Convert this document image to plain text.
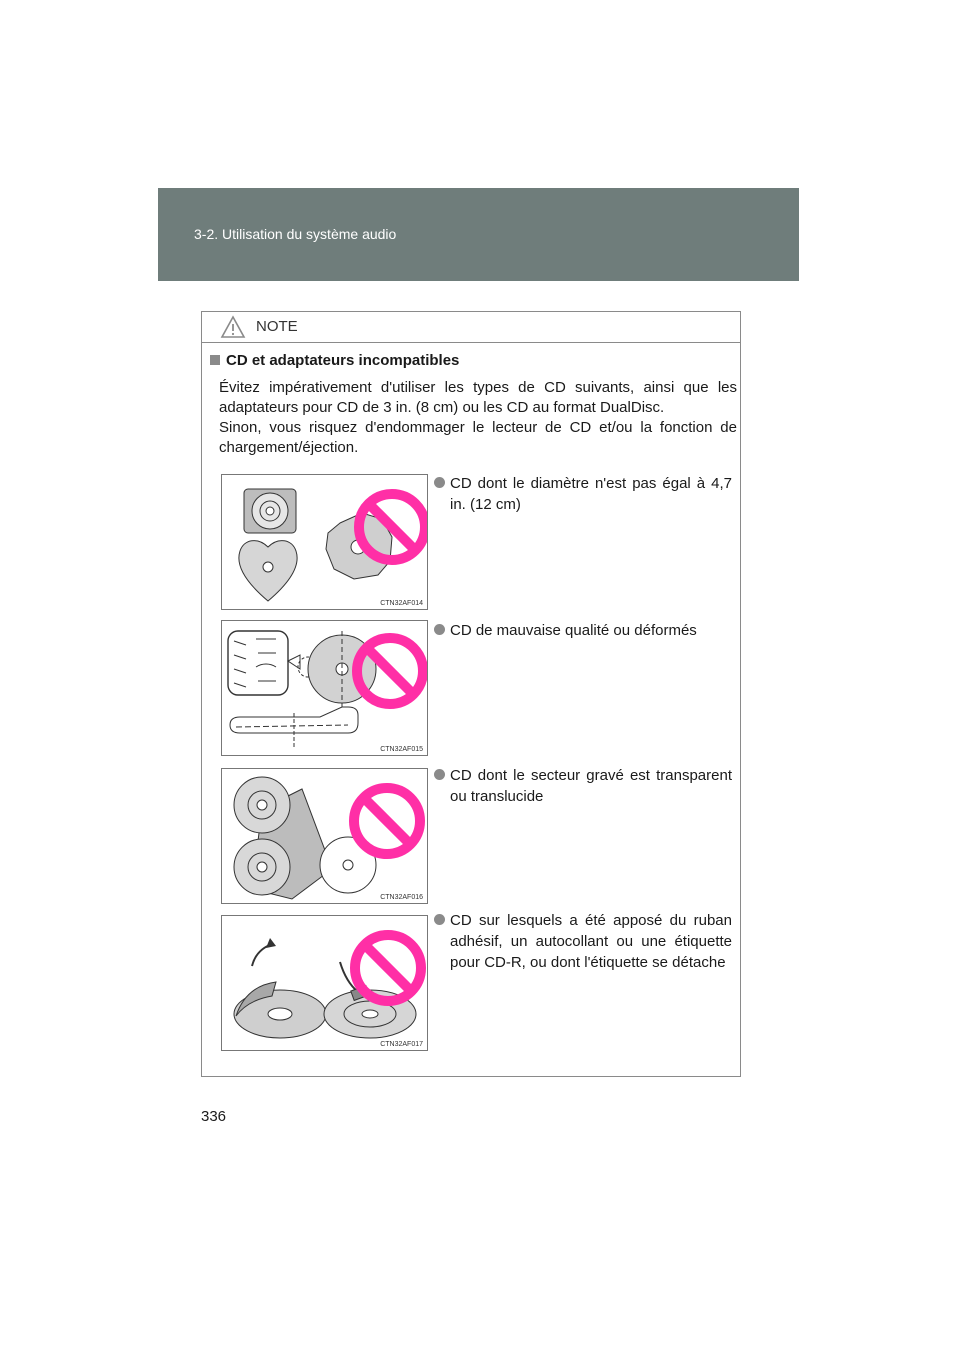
3-2. Utilisation du système audio
NOTE
CD et adaptateurs incompatibles

Évitez impérativement d'utiliser les types de CD suivants, ainsi que les adaptateurs pour CD de 3 in. (8 cm) ou les CD au format DualDisc.

Sinon, vous risquez d'endommager le lecteur de CD et/ou la fonction de chargement/éjection.

CTN32AF014
CD dont le diamètre n'est pas égal à 4,7 in. (12 cm)
CTN32AF015
CD de mauvaise qualité ou déformés
CTN32AF016
CD dont le secteur gravé est transparent ou translucide
CTN32AF017
CD sur lesquels a été apposé du ruban adhésif, un autocollant ou une étiquette pour CD-R, ou dont l'étiquette se détache
336
